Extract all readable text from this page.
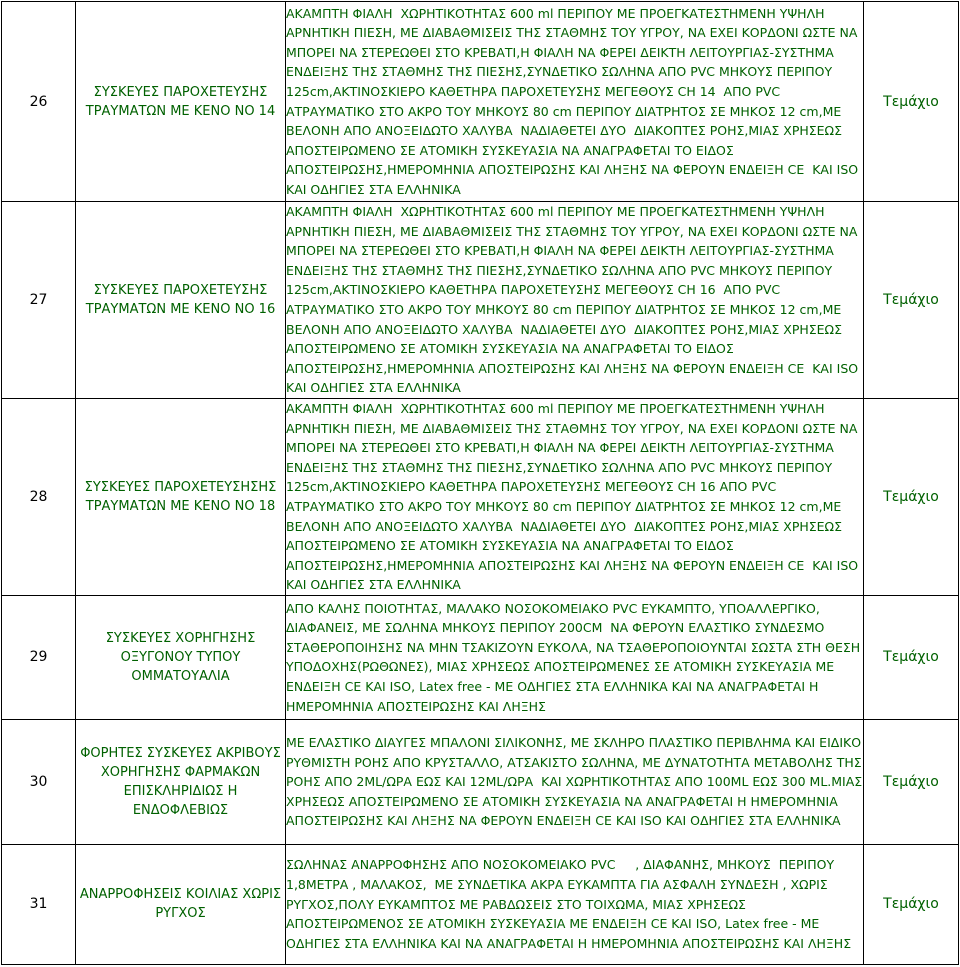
26	ΣΥΣΚΕΥΕΣ ΠΑΡΟΧΕΤΕΥΣΗΣ ΤΡΑΥΜΑΤΩΝ ΜΕ ΚΕΝΟ ΝΟ 14	ΑΚΑΜΠΤΗ ΦΙΑΛΗ  ΧΩΡΗΤΙΚΟΤΗΤΑΣ 600 ml ΠΕΡΙΠΟΥ ΜΕ ΠΡΟΕΓΚΑΤΕΣΤΗΜΕΝΗ ΥΨΗΛΗ ΑΡΝΗΤΙΚΗ ΠΙΕΣΗ, ΜΕ ΔΙΑΒΑΘΜΙΣΕΙΣ ΤΗΣ ΣΤΑΘΜΗΣ ΤΟΥ ΥΓΡΟΥ, ΝΑ ΕΧΕΙ ΚΟΡΔΟΝΙ ΩΣΤΕ ΝΑ ΜΠΟΡΕΙ ΝΑ ΣΤΕΡΕΩΘΕΙ ΣΤΟ ΚΡΕΒΑΤΙ,Η ΦΙΑΛΗ ΝΑ ΦΕΡΕΙ ΔΕΙΚΤΗ ΛΕΙΤΟΥΡΓΙΑΣ-ΣΥΣΤΗΜΑ ΕΝΔΕΙΞΗΣ ΤΗΣ ΣΤΑΘΜΗΣ ΤΗΣ ΠΙΕΣΗΣ,ΣΥΝΔΕΤΙΚΟ ΣΩΛΗΝΑ ΑΠΟ PVC ΜΗΚΟΥΣ ΠΕΡΙΠΟΥ 125cm,ΑΚΤΙΝΟΣΚΙΕΡΟ ΚΑΘΕΤΗΡΑ ΠΑΡΟΧΕΤΕΥΣΗΣ ΜΕΓΕΘΟΥΣ CH 14  ΑΠΟ PVC ΑΤΡΑΥΜΑΤΙΚΟ ΣΤΟ ΑΚΡΟ ΤΟΥ ΜΗΚΟΥΣ 80 cm ΠΕΡΙΠΟΥ ΔΙΑΤΡΗΤΟΣ ΣΕ ΜΗΚΟΣ 12 cm,ΜΕ ΒΕΛΟΝΗ ΑΠΟ ΑΝΟΞΕΙΔΩΤΟ ΧΑΛΥΒΑ  ΝΑΔΙΑΘΕΤΕΙ ΔΥΟ  ΔΙΑΚΟΠΤΕΣ ΡΟΗΣ,ΜΙΑΣ ΧΡΗΣΕΩΣ ΑΠΟΣΤΕΙΡΩΜΕΝΟ ΣΕ ΑΤΟΜΙΚΗ ΣΥΣΚΕΥΑΣΙΑ ΝΑ ΑΝΑΓΡΑΦΕΤΑΙ ΤΟ ΕΙΔΟΣ ΑΠΟΣΤΕΙΡΩΣΗΣ,ΗΜΕΡΟΜΗΝΙΑ ΑΠΟΣΤΕΙΡΩΣΗΣ ΚΑΙ ΛΗΞΗΣ ΝΑ ΦΕΡΟΥΝ ΕΝΔΕΙΞΗ CE  ΚΑΙ ISO ΚΑΙ ΟΔΗΓΙΕΣ ΣΤΑ ΕΛΛΗΝΙΚΑ	Τεμάχιο
27	ΣΥΣΚΕΥΕΣ ΠΑΡΟΧΕΤΕΥΣΗΣ ΤΡΑΥΜΑΤΩΝ ΜΕ ΚΕΝΟ ΝΟ 16	ΑΚΑΜΠΤΗ ΦΙΑΛΗ  ΧΩΡΗΤΙΚΟΤΗΤΑΣ 600 ml ΠΕΡΙΠΟΥ ΜΕ ΠΡΟΕΓΚΑΤΕΣΤΗΜΕΝΗ ΥΨΗΛΗ ΑΡΝΗΤΙΚΗ ΠΙΕΣΗ, ΜΕ ΔΙΑΒΑΘΜΙΣΕΙΣ ΤΗΣ ΣΤΑΘΜΗΣ ΤΟΥ ΥΓΡΟΥ, ΝΑ ΕΧΕΙ ΚΟΡΔΟΝΙ ΩΣΤΕ ΝΑ ΜΠΟΡΕΙ ΝΑ ΣΤΕΡΕΩΘΕΙ ΣΤΟ ΚΡΕΒΑΤΙ,Η ΦΙΑΛΗ ΝΑ ΦΕΡΕΙ ΔΕΙΚΤΗ ΛΕΙΤΟΥΡΓΙΑΣ-ΣΥΣΤΗΜΑ ΕΝΔΕΙΞΗΣ ΤΗΣ ΣΤΑΘΜΗΣ ΤΗΣ ΠΙΕΣΗΣ,ΣΥΝΔΕΤΙΚΟ ΣΩΛΗΝΑ ΑΠΟ PVC ΜΗΚΟΥΣ ΠΕΡΙΠΟΥ 125cm,ΑΚΤΙΝΟΣΚΙΕΡΟ ΚΑΘΕΤΗΡΑ ΠΑΡΟΧΕΤΕΥΣΗΣ ΜΕΓΕΘΟΥΣ CH 16  ΑΠΟ PVC ΑΤΡΑΥΜΑΤΙΚΟ ΣΤΟ ΑΚΡΟ ΤΟΥ ΜΗΚΟΥΣ 80 cm ΠΕΡΙΠΟΥ ΔΙΑΤΡΗΤΟΣ ΣΕ ΜΗΚΟΣ 12 cm,ΜΕ ΒΕΛΟΝΗ ΑΠΟ ΑΝΟΞΕΙΔΩΤΟ ΧΑΛΥΒΑ  ΝΑΔΙΑΘΕΤΕΙ ΔΥΟ  ΔΙΑΚΟΠΤΕΣ ΡΟΗΣ,ΜΙΑΣ ΧΡΗΣΕΩΣ ΑΠΟΣΤΕΙΡΩΜΕΝΟ ΣΕ ΑΤΟΜΙΚΗ ΣΥΣΚΕΥΑΣΙΑ ΝΑ ΑΝΑΓΡΑΦΕΤΑΙ ΤΟ ΕΙΔΟΣ ΑΠΟΣΤΕΙΡΩΣΗΣ,ΗΜΕΡΟΜΗΝΙΑ ΑΠΟΣΤΕΙΡΩΣΗΣ ΚΑΙ ΛΗΞΗΣ ΝΑ ΦΕΡΟΥΝ ΕΝΔΕΙΞΗ CE  ΚΑΙ ISO ΚΑΙ ΟΔΗΓΙΕΣ ΣΤΑ ΕΛΛΗΝΙΚΑ	Τεμάχιο
28	ΣΥΣΚΕΥΕΣ ΠΑΡΟΧΕΤΕΥΣΗΣΗΣ ΤΡΑΥΜΑΤΩΝ ΜΕ ΚΕΝΟ ΝΟ 18	ΑΚΑΜΠΤΗ ΦΙΑΛΗ  ΧΩΡΗΤΙΚΟΤΗΤΑΣ 600 ml ΠΕΡΙΠΟΥ ΜΕ ΠΡΟΕΓΚΑΤΕΣΤΗΜΕΝΗ ΥΨΗΛΗ ΑΡΝΗΤΙΚΗ ΠΙΕΣΗ, ΜΕ ΔΙΑΒΑΘΜΙΣΕΙΣ ΤΗΣ ΣΤΑΘΜΗΣ ΤΟΥ ΥΓΡΟΥ, ΝΑ ΕΧΕΙ ΚΟΡΔΟΝΙ ΩΣΤΕ ΝΑ ΜΠΟΡΕΙ ΝΑ ΣΤΕΡΕΩΘΕΙ ΣΤΟ ΚΡΕΒΑΤΙ,Η ΦΙΑΛΗ ΝΑ ΦΕΡΕΙ ΔΕΙΚΤΗ ΛΕΙΤΟΥΡΓΙΑΣ-ΣΥΣΤΗΜΑ ΕΝΔΕΙΞΗΣ ΤΗΣ ΣΤΑΘΜΗΣ ΤΗΣ ΠΙΕΣΗΣ,ΣΥΝΔΕΤΙΚΟ ΣΩΛΗΝΑ ΑΠΟ PVC ΜΗΚΟΥΣ ΠΕΡΙΠΟΥ 125cm,ΑΚΤΙΝΟΣΚΙΕΡΟ ΚΑΘΕΤΗΡΑ ΠΑΡΟΧΕΤΕΥΣΗΣ ΜΕΓΕΘΟΥΣ CH 16 ΑΠΟ PVC ΑΤΡΑΥΜΑΤΙΚΟ ΣΤΟ ΑΚΡΟ ΤΟΥ ΜΗΚΟΥΣ 80 cm ΠΕΡΙΠΟΥ ΔΙΑΤΡΗΤΟΣ ΣΕ ΜΗΚΟΣ 12 cm,ΜΕ ΒΕΛΟΝΗ ΑΠΟ ΑΝΟΞΕΙΔΩΤΟ ΧΑΛΥΒΑ  ΝΑΔΙΑΘΕΤΕΙ ΔΥΟ  ΔΙΑΚΟΠΤΕΣ ΡΟΗΣ,ΜΙΑΣ ΧΡΗΣΕΩΣ ΑΠΟΣΤΕΙΡΩΜΕΝΟ ΣΕ ΑΤΟΜΙΚΗ ΣΥΣΚΕΥΑΣΙΑ ΝΑ ΑΝΑΓΡΑΦΕΤΑΙ ΤΟ ΕΙΔΟΣ ΑΠΟΣΤΕΙΡΩΣΗΣ,ΗΜΕΡΟΜΗΝΙΑ ΑΠΟΣΤΕΙΡΩΣΗΣ ΚΑΙ ΛΗΞΗΣ ΝΑ ΦΕΡΟΥΝ ΕΝΔΕΙΞΗ CE  ΚΑΙ ISO ΚΑΙ ΟΔΗΓΙΕΣ ΣΤΑ ΕΛΛΗΝΙΚΑ	Τεμάχιο
29	ΣΥΣΚΕΥΕΣ ΧΟΡΗΓΗΣΗΣ ΟΞΥΓΟΝΟΥ ΤΥΠΟΥ ΟΜΜΑΤΟΥΑΛΙΑ	ΑΠΟ ΚΑΛΗΣ ΠΟΙΟΤΗΤΑΣ, ΜΑΛΑΚΟ ΝΟΣΟΚΟΜΕΙΑΚΟ PVC ΕΥΚΑΜΠΤΟ, ΥΠΟΑΛΛΕΡΓΙΚΟ, ΔΙΑΦΑΝΕΙΣ, ΜΕ ΣΩΛΗΝΑ ΜΗΚΟΥΣ ΠΕΡΙΠΟΥ 200CM  ΝΑ ΦΕΡΟΥΝ ΕΛΑΣΤΙΚΟ ΣΥΝΔΕΣΜΟ ΣΤΑΘΕΡΟΠΟΙΗΣΗΣ ΝΑ ΜΗΝ ΤΣΑΚΙΖΟΥΝ ΕΥΚΟΛΑ, ΝΑ ΤΣΑΘΕΡΟΠΟΙΟΥΝΤΑΙ ΣΩΣΤΑ ΣΤΗ ΘΕΣΗ ΥΠΟΔΟΧΗΣ(ΡΩΘΩΝΕΣ), ΜΙΑΣ ΧΡΗΣΕΩΣ ΑΠΟΣΤΕΙΡΩΜΕΝΕΣ ΣΕ ΑΤΟΜΙΚΗ ΣΥΣΚΕΥΑΣΙΑ ΜΕ ΕΝΔΕΙΞΗ CE ΚΑΙ ISO, Latex free - ΜΕ ΟΔΗΓΙΕΣ ΣΤΑ ΕΛΛΗΝΙΚΑ ΚΑΙ ΝΑ ΑΝΑΓΡΑΦΕΤΑΙ Η ΗΜΕΡΟΜΗΝΙΑ ΑΠΟΣΤΕΙΡΩΣΗΣ ΚΑΙ ΛΗΞΗΣ	Τεμάχιο
30	ΦΟΡΗΤΕΣ ΣΥΣΚΕΥΕΣ ΑΚΡΙΒΟΥΣ ΧΟΡΗΓΗΣΗΣ ΦΑΡΜΑΚΩΝ ΕΠΙΣΚΛΗΡΙΔΙΩΣ Η ΕΝΔΟΦΛΕΒΙΩΣ	ΜΕ ΕΛΑΣΤΙΚΟ ΔΙΑΥΓΕΣ ΜΠΑΛΟΝΙ ΣΙΛΙΚΟΝΗΣ, ΜΕ ΣΚΛΗΡΟ ΠΛΑΣΤΙΚΟ ΠΕΡΙΒΛΗΜΑ ΚΑΙ ΕΙΔΙΚΟ ΡΥΘΜΙΣΤΗ ΡΟΗΣ ΑΠΟ ΚΡΥΣΤΑΛΛΟ, ΑΤΣΑΚΙΣΤΟ ΣΩΛΗΝΑ, ΜΕ ΔΥΝΑΤΟΤΗΤΑ ΜΕΤΑΒΟΛΗΣ ΤΗΣ ΡΟΗΣ ΑΠΟ 2ML/ΩΡΑ ΕΩΣ ΚΑΙ 12ML/ΩΡΑ  ΚΑΙ ΧΩΡΗΤΙΚΟΤΗΤΑΣ ΑΠΟ 100ML ΕΩΣ 300 ML.ΜΙΑΣ ΧΡΗΣΕΩΣ ΑΠΟΣΤΕΙΡΩΜΕΝΟ ΣΕ ΑΤΟΜΙΚΗ ΣΥΣΚΕΥΑΣΙΑ ΝΑ ΑΝΑΓΡΑΦΕΤΑΙ Η ΗΜΕΡΟΜΗΝΙΑ ΑΠΟΣΤΕΙΡΩΣΗΣ ΚΑΙ ΛΗΞΗΣ ΝΑ ΦΕΡΟΥΝ ΕΝΔΕΙΞΗ CE ΚΑΙ ISO ΚΑΙ ΟΔΗΓΙΕΣ ΣΤΑ ΕΛΛΗΝΙΚΑ	Τεμάχιο
31	ΑΝΑΡΡΟΦΗΣΕΙΣ ΚΟΙΛΙΑΣ ΧΩΡΙΣ ΡΥΓΧΟΣ	ΣΩΛΗΝΑΣ ΑΝΑΡΡΟΦΗΣΗΣ ΑΠΟ ΝΟΣΟΚΟΜΕΙΑΚΟ PVC     , ΔΙΑΦΑΝΗΣ, ΜΗΚΟΥΣ  ΠΕΡΙΠΟΥ 1,8ΜΕΤΡΑ , ΜΑΛΑΚΟΣ,  ΜΕ ΣΥΝΔΕΤΙΚΑ ΑΚΡΑ ΕΥΚΑΜΠΤΑ ΓΙΑ ΑΣΦΑΛΗ ΣΥΝΔΕΣΗ , ΧΩΡΙΣ ΡΥΓΧΟΣ,ΠΟΛΥ ΕΥΚΑΜΠΤΟΣ ΜΕ ΡΑΒΔΩΣΕΙΣ ΣΤΟ ΤΟΙΧΩΜΑ, ΜΙΑΣ ΧΡΗΣΕΩΣ ΑΠΟΣΤΕΙΡΩΜΕΝΟΣ ΣΕ ΑΤΟΜΙΚΗ ΣΥΣΚΕΥΑΣΙΑ ΜΕ ΕΝΔΕΙΞΗ CE ΚΑΙ ISO, Latex free - ΜΕ ΟΔΗΓΙΕΣ ΣΤΑ ΕΛΛΗΝΙΚΑ ΚΑΙ ΝΑ ΑΝΑΓΡΑΦΕΤΑΙ Η ΗΜΕΡΟΜΗΝΙΑ ΑΠΟΣΤΕΙΡΩΣΗΣ ΚΑΙ ΛΗΞΗΣ	Τεμάχιο
